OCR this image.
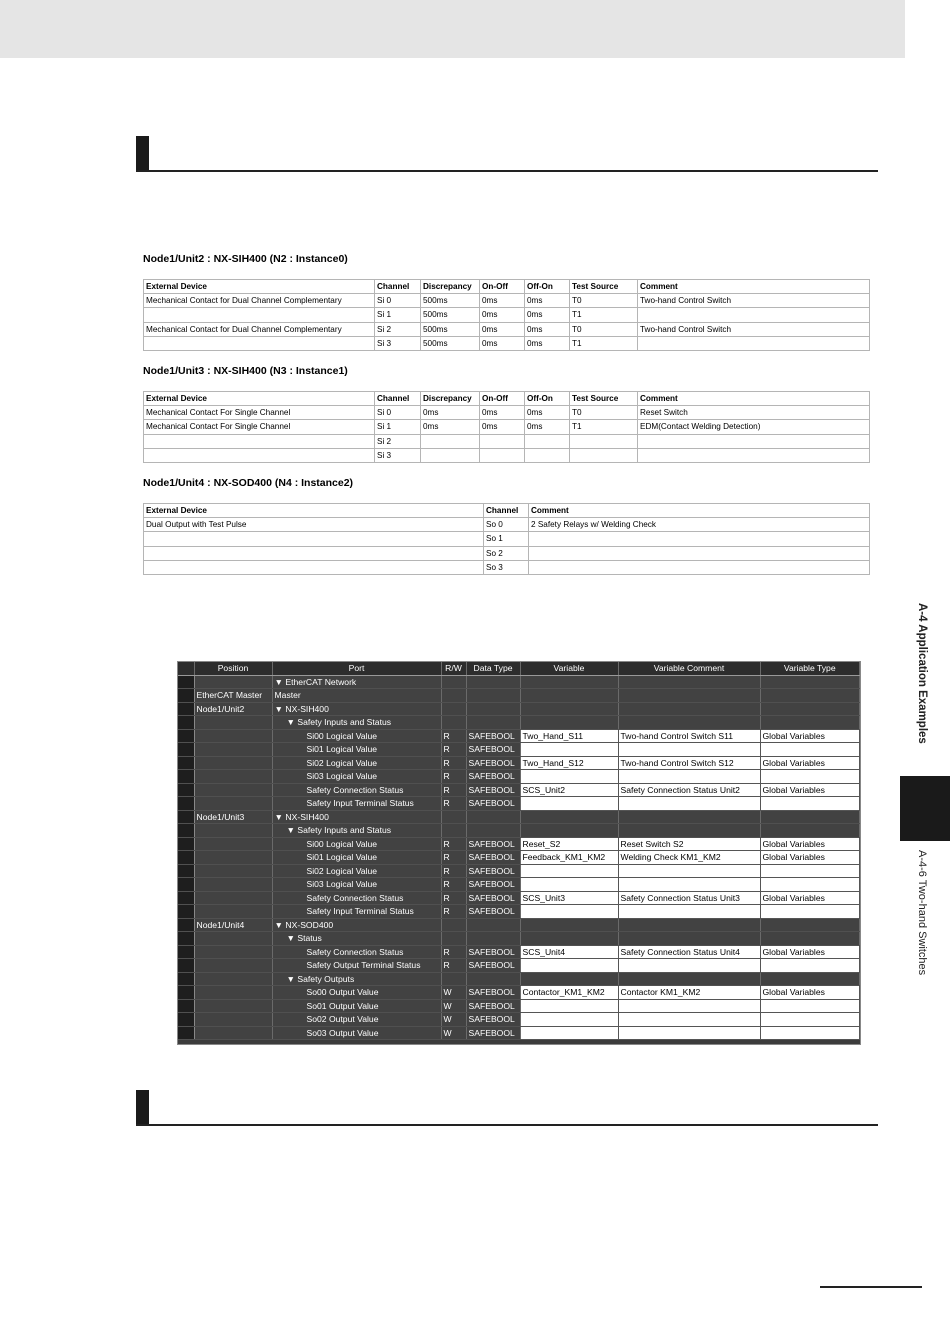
Node1/Unit2 : NX-SIH400 (N2 : Instance0)
External Device	Channel	Discrepancy	On-Off	Off-On	Test Source	Comment
Mechanical Contact for Dual Channel Complementary	Si 0	500ms	0ms	0ms	T0	Two-hand Control Switch
	Si 1	500ms	0ms	0ms	T1	
Mechanical Contact for Dual Channel Complementary	Si 2	500ms	0ms	0ms	T0	Two-hand Control Switch
	Si 3	500ms	0ms	0ms	T1	
Node1/Unit3 : NX-SIH400 (N3 : Instance1)
External Device	Channel	Discrepancy	On-Off	Off-On	Test Source	Comment
Mechanical Contact For Single Channel	Si 0	0ms	0ms	0ms	T0	Reset Switch
Mechanical Contact For Single Channel	Si 1	0ms	0ms	0ms	T1	EDM(Contact Welding Detection)
	Si 2					
	Si 3					
Node1/Unit4 : NX-SOD400 (N4 : Instance2)
External Device	Channel	Comment
Dual Output with Test Pulse	So 0	2 Safety Relays w/ Welding Check
	So 1	
	So 2	
	So 3	
	Position	Port	R/W	Data Type	Variable	Variable Comment	Variable Type
		▼ EtherCAT Network					
	EtherCAT Master	Master					
	Node1/Unit2	▼ NX-SIH400					
		▼ Safety Inputs and Status					
		Si00 Logical Value	R	SAFEBOOL	Two_Hand_S11	Two-hand Control Switch S11	Global Variables
		Si01 Logical Value	R	SAFEBOOL			
		Si02 Logical Value	R	SAFEBOOL	Two_Hand_S12	Two-hand Control Switch S12	Global Variables
		Si03 Logical Value	R	SAFEBOOL			
		Safety Connection Status	R	SAFEBOOL	SCS_Unit2	Safety Connection Status Unit2	Global Variables
		Safety Input Terminal Status	R	SAFEBOOL			
	Node1/Unit3	▼ NX-SIH400					
		▼ Safety Inputs and Status					
		Si00 Logical Value	R	SAFEBOOL	Reset_S2	Reset Switch S2	Global Variables
		Si01 Logical Value	R	SAFEBOOL	Feedback_KM1_KM2	Welding Check KM1_KM2	Global Variables
		Si02 Logical Value	R	SAFEBOOL			
		Si03 Logical Value	R	SAFEBOOL			
		Safety Connection Status	R	SAFEBOOL	SCS_Unit3	Safety Connection Status Unit3	Global Variables
		Safety Input Terminal Status	R	SAFEBOOL			
	Node1/Unit4	▼ NX-SOD400					
		▼ Status					
		Safety Connection Status	R	SAFEBOOL	SCS_Unit4	Safety Connection Status Unit4	Global Variables
		Safety Output Terminal Status	R	SAFEBOOL			
		▼ Safety Outputs					
		So00 Output Value	W	SAFEBOOL	Contactor_KM1_KM2	Contactor KM1_KM2	Global Variables
		So01 Output Value	W	SAFEBOOL			
		So02 Output Value	W	SAFEBOOL			
		So03 Output Value	W	SAFEBOOL			
A-4 Application Examples
A-4-6 Two-hand Switches
